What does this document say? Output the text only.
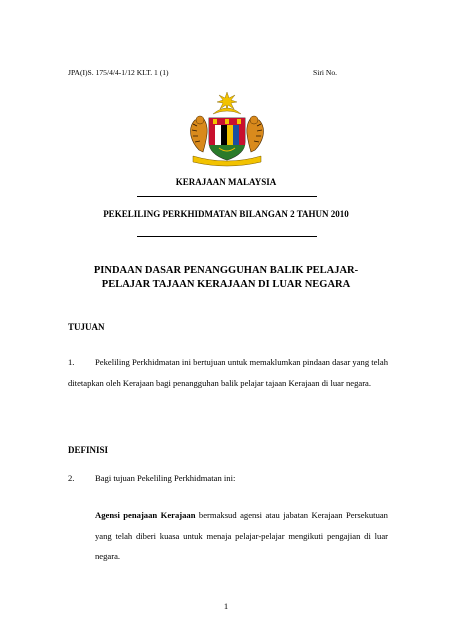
JPA(I)S. 175/4/4-1/12 KLT. 1 (1)	Siri No.
KERAJAAN MALAYSIA
PEKELILING PERKHIDMATAN BILANGAN 2 TAHUN 2010
PINDAAN DASAR PENANGGUHAN BALIK PELAJAR-
PELAJAR TAJAAN KERAJAAN DI LUAR NEGARA
TUJUAN
1. Pekeliling Perkhidmatan ini bertujuan untuk memaklumkan pindaan dasar yang telah ditetapkan oleh Kerajaan bagi penangguhan balik pelajar tajaan Kerajaan di luar negara.
DEFINISI
2. Bagi tujuan Pekeliling Perkhidmatan ini:
Agensi penajaan Kerajaan bermaksud agensi atau jabatan Kerajaan Persekutuan yang telah diberi kuasa untuk menaja pelajar-pelajar mengikuti pengajian di luar negara.
1
